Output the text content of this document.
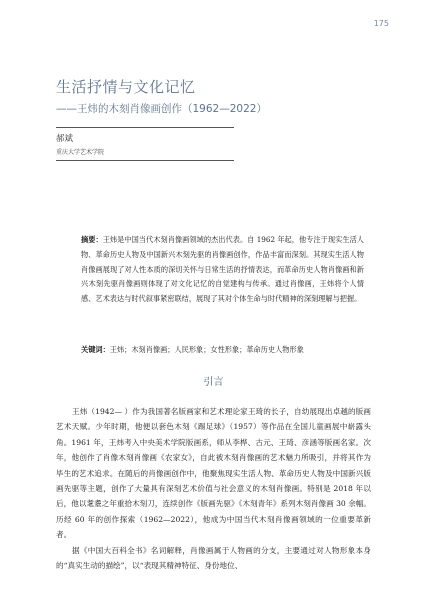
175
生活抒情与文化记忆
——王炜的木刻肖像画创作（1962—2022）
郝斌
重庆大学艺术学院
摘要：王炜是中国当代木刻肖像画领域的杰出代表。自 1962 年起，他专注于现实生活人物、革命历史人物及中国新兴木刻先驱的肖像画创作，作品丰富而深刻。其现实生活人物肖像画展现了对人性本质的深切关怀与日常生活的抒情表达，而革命历史人物肖像画和新兴木刻先驱肖像画则体现了对文化记忆的自觉建构与传承。通过肖像画，王炜将个人情感、艺术表达与时代叙事紧密联结，展现了其对个体生命与时代精神的深刻理解与把握。
关键词：王炜；木刻肖像画；人民形象；女性形象；革命历史人物形象
引言

王炜（1942— ）作为我国著名版画家和艺术理论家王琦的长子，自幼展现出卓越的版画艺术天赋。少年时期，他便以套色木刻《踢足球》（1957）等作品在全国儿童画展中崭露头角。1961 年，王炜考入中央美术学院版画系，师从李桦、古元、王琦、彦涵等版画名家。次年，他创作了肖像木刻肖像画《农家女》，自此被木刻肖像画的艺术魅力所吸引，并将其作为毕生的艺术追求。在随后的肖像画创作中，他聚焦现实生活人物、革命历史人物及中国新兴版画先驱等主题，创作了大量具有深刻艺术价值与社会意义的木刻肖像画。特别是 2018 年以后，他以耄耋之年重拾木刻刀，连续创作《版画先驱》《木刻青年》系列木刻肖像画 30 余幅。历经 60 年的创作探索（1962—2022），他成为中国当代木刻肖像画领域的一位重要革新者。

据《中国大百科全书》名词解释，肖像画属于人物画的分支，主要通过对人物形象本身的“真实生动的描绘”，以“表现其精神特征、身份地位、
